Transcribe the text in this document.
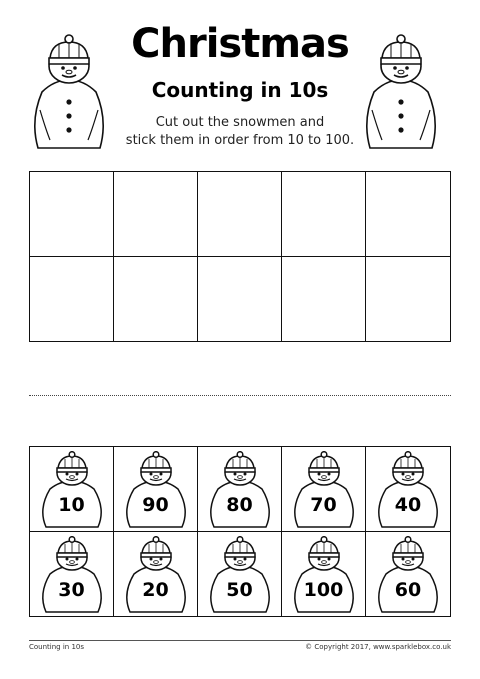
Christmas
Counting in 10s
Cut out the snowmen and
stick them in order from 10 to 100.
10	90	80	70	40
30	20	50	100	60
Counting in 10s	© Copyright 2017, www.sparklebox.co.uk
